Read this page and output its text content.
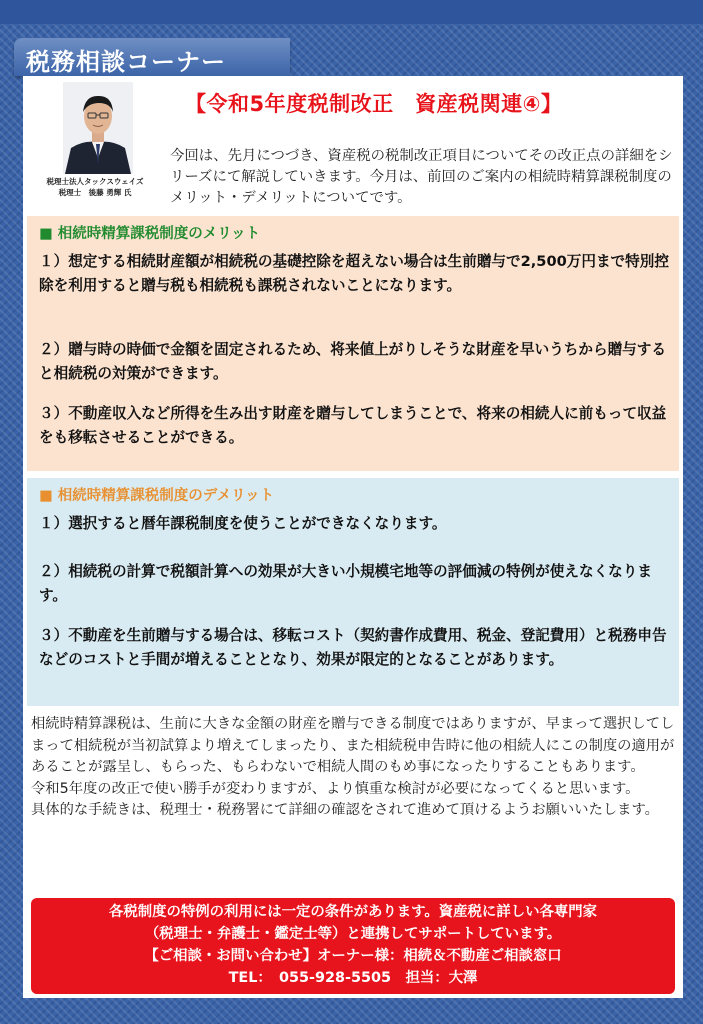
税務相談コーナー
税理士法人タックスウェイズ
税理士　後藤 勇輝 氏
【令和5年度税制改正　資産税関連④】
今回は、先月につづき、資産税の税制改正項目についてその改正点の詳細をシリーズにて解説していきます。今月は、前回のご案内の相続時精算課税制度のメリット・デメリットについてです。
■ 相続時精算課税制度のメリット
１）想定する相続財産額が相続税の基礎控除を超えない場合は生前贈与で2,500万円まで特別控除を利用すると贈与税も相続税も課税されないことになります。
２）贈与時の時価で金額を固定されるため、将来値上がりしそうな財産を早いうちから贈与すると相続税の対策ができます。
３）不動産収入など所得を生み出す財産を贈与してしまうことで、将来の相続人に前もって収益をも移転させることができる。
■ 相続時精算課税制度のデメリット
１）選択すると暦年課税制度を使うことができなくなります。
２）相続税の計算で税額計算への効果が大きい小規模宅地等の評価減の特例が使えなくなります。
３）不動産を生前贈与する場合は、移転コスト（契約書作成費用、税金、登記費用）と税務申告などのコストと手間が増えることとなり、効果が限定的となることがあります。
相続時精算課税は、生前に大きな金額の財産を贈与できる制度ではありますが、早まって選択してしまって相続税が当初試算より増えてしまったり、また相続税申告時に他の相続人にこの制度の適用があることが露呈し、もらった、もらわないで相続人間のもめ事になったりすることもあります。
令和5年度の改正で使い勝手が変わりますが、より慎重な検討が必要になってくると思います。
具体的な手続きは、税理士・税務署にて詳細の確認をされて進めて頂けるようお願いいたします。
各税制度の特例の利用には一定の条件があります。資産税に詳しい各専門家
（税理士・弁護士・鑑定士等）と連携してサポートしています。
【ご相談・お問い合わせ】オーナー様：相続＆不動産ご相談窓口
TEL：　055-928-5505　担当：大澤
